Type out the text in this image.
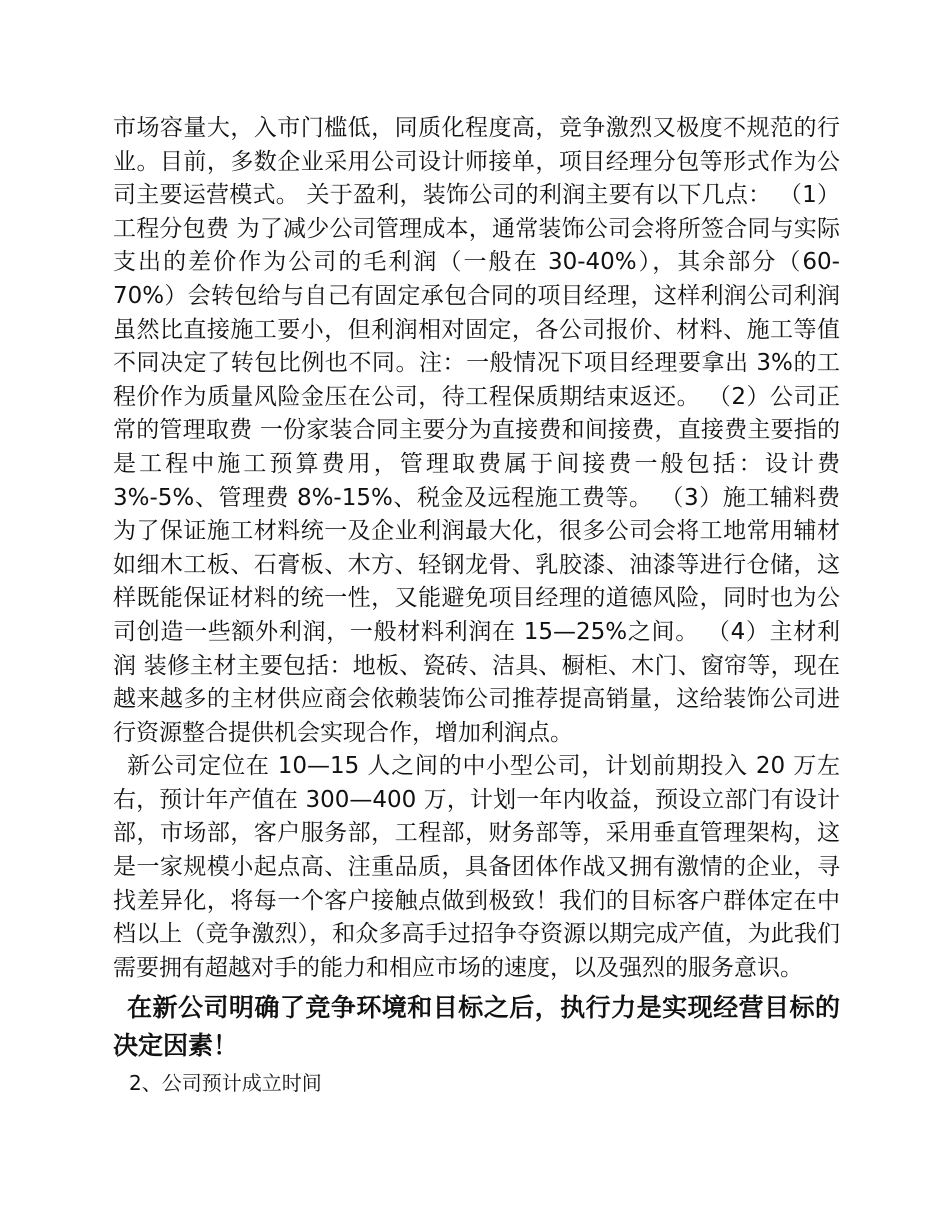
市场容量大，入市门槛低，同质化程度高，竞争激烈又极度不规范的行业。目前，多数企业采用公司设计师接单，项目经理分包等形式作为公司主要运营模式。 关于盈利，装饰公司的利润主要有以下几点： （1）工程分包费 为了减少公司管理成本，通常装饰公司会将所签合同与实际支出的差价作为公司的毛利润（一般在 30-40%），其余部分（60-70%）会转包给与自己有固定承包合同的项目经理，这样利润公司利润虽然比直接施工要小，但利润相对固定，各公司报价、材料、施工等值不同决定了转包比例也不同。注：一般情况下项目经理要拿出 3%的工程价作为质量风险金压在公司，待工程保质期结束返还。 （2）公司正常的管理取费 一份家装合同主要分为直接费和间接费，直接费主要指的是工程中施工预算费用，管理取费属于间接费一般包括：设计费 3%-5%、管理费 8%-15%、税金及远程施工费等。 （3）施工辅料费 为了保证施工材料统一及企业利润最大化，很多公司会将工地常用辅材如细木工板、石膏板、木方、轻钢龙骨、乳胶漆、油漆等进行仓储，这样既能保证材料的统一性，又能避免项目经理的道德风险，同时也为公司创造一些额外利润，一般材料利润在 15—25%之间。 （4）主材利润 装修主材主要包括：地板、瓷砖、洁具、橱柜、木门、窗帘等，现在越来越多的主材供应商会依赖装饰公司推荐提高销量，这给装饰公司进行资源整合提供机会实现合作，增加利润点。

新公司定位在 10—15 人之间的中小型公司，计划前期投入 20 万左右，预计年产值在 300—400 万，计划一年内收益，预设立部门有设计部，市场部，客户服务部，工程部，财务部等，采用垂直管理架构，这是一家规模小起点高、注重品质，具备团体作战又拥有激情的企业，寻找差异化，将每一个客户接触点做到极致！我们的目标客户群体定在中档以上（竞争激烈），和众多高手过招争夺资源以期完成产值，为此我们需要拥有超越对手的能力和相应市场的速度，以及强烈的服务意识。

在新公司明确了竞争环境和目标之后，执行力是实现经营目标的决定因素！

2、公司预计成立时间
